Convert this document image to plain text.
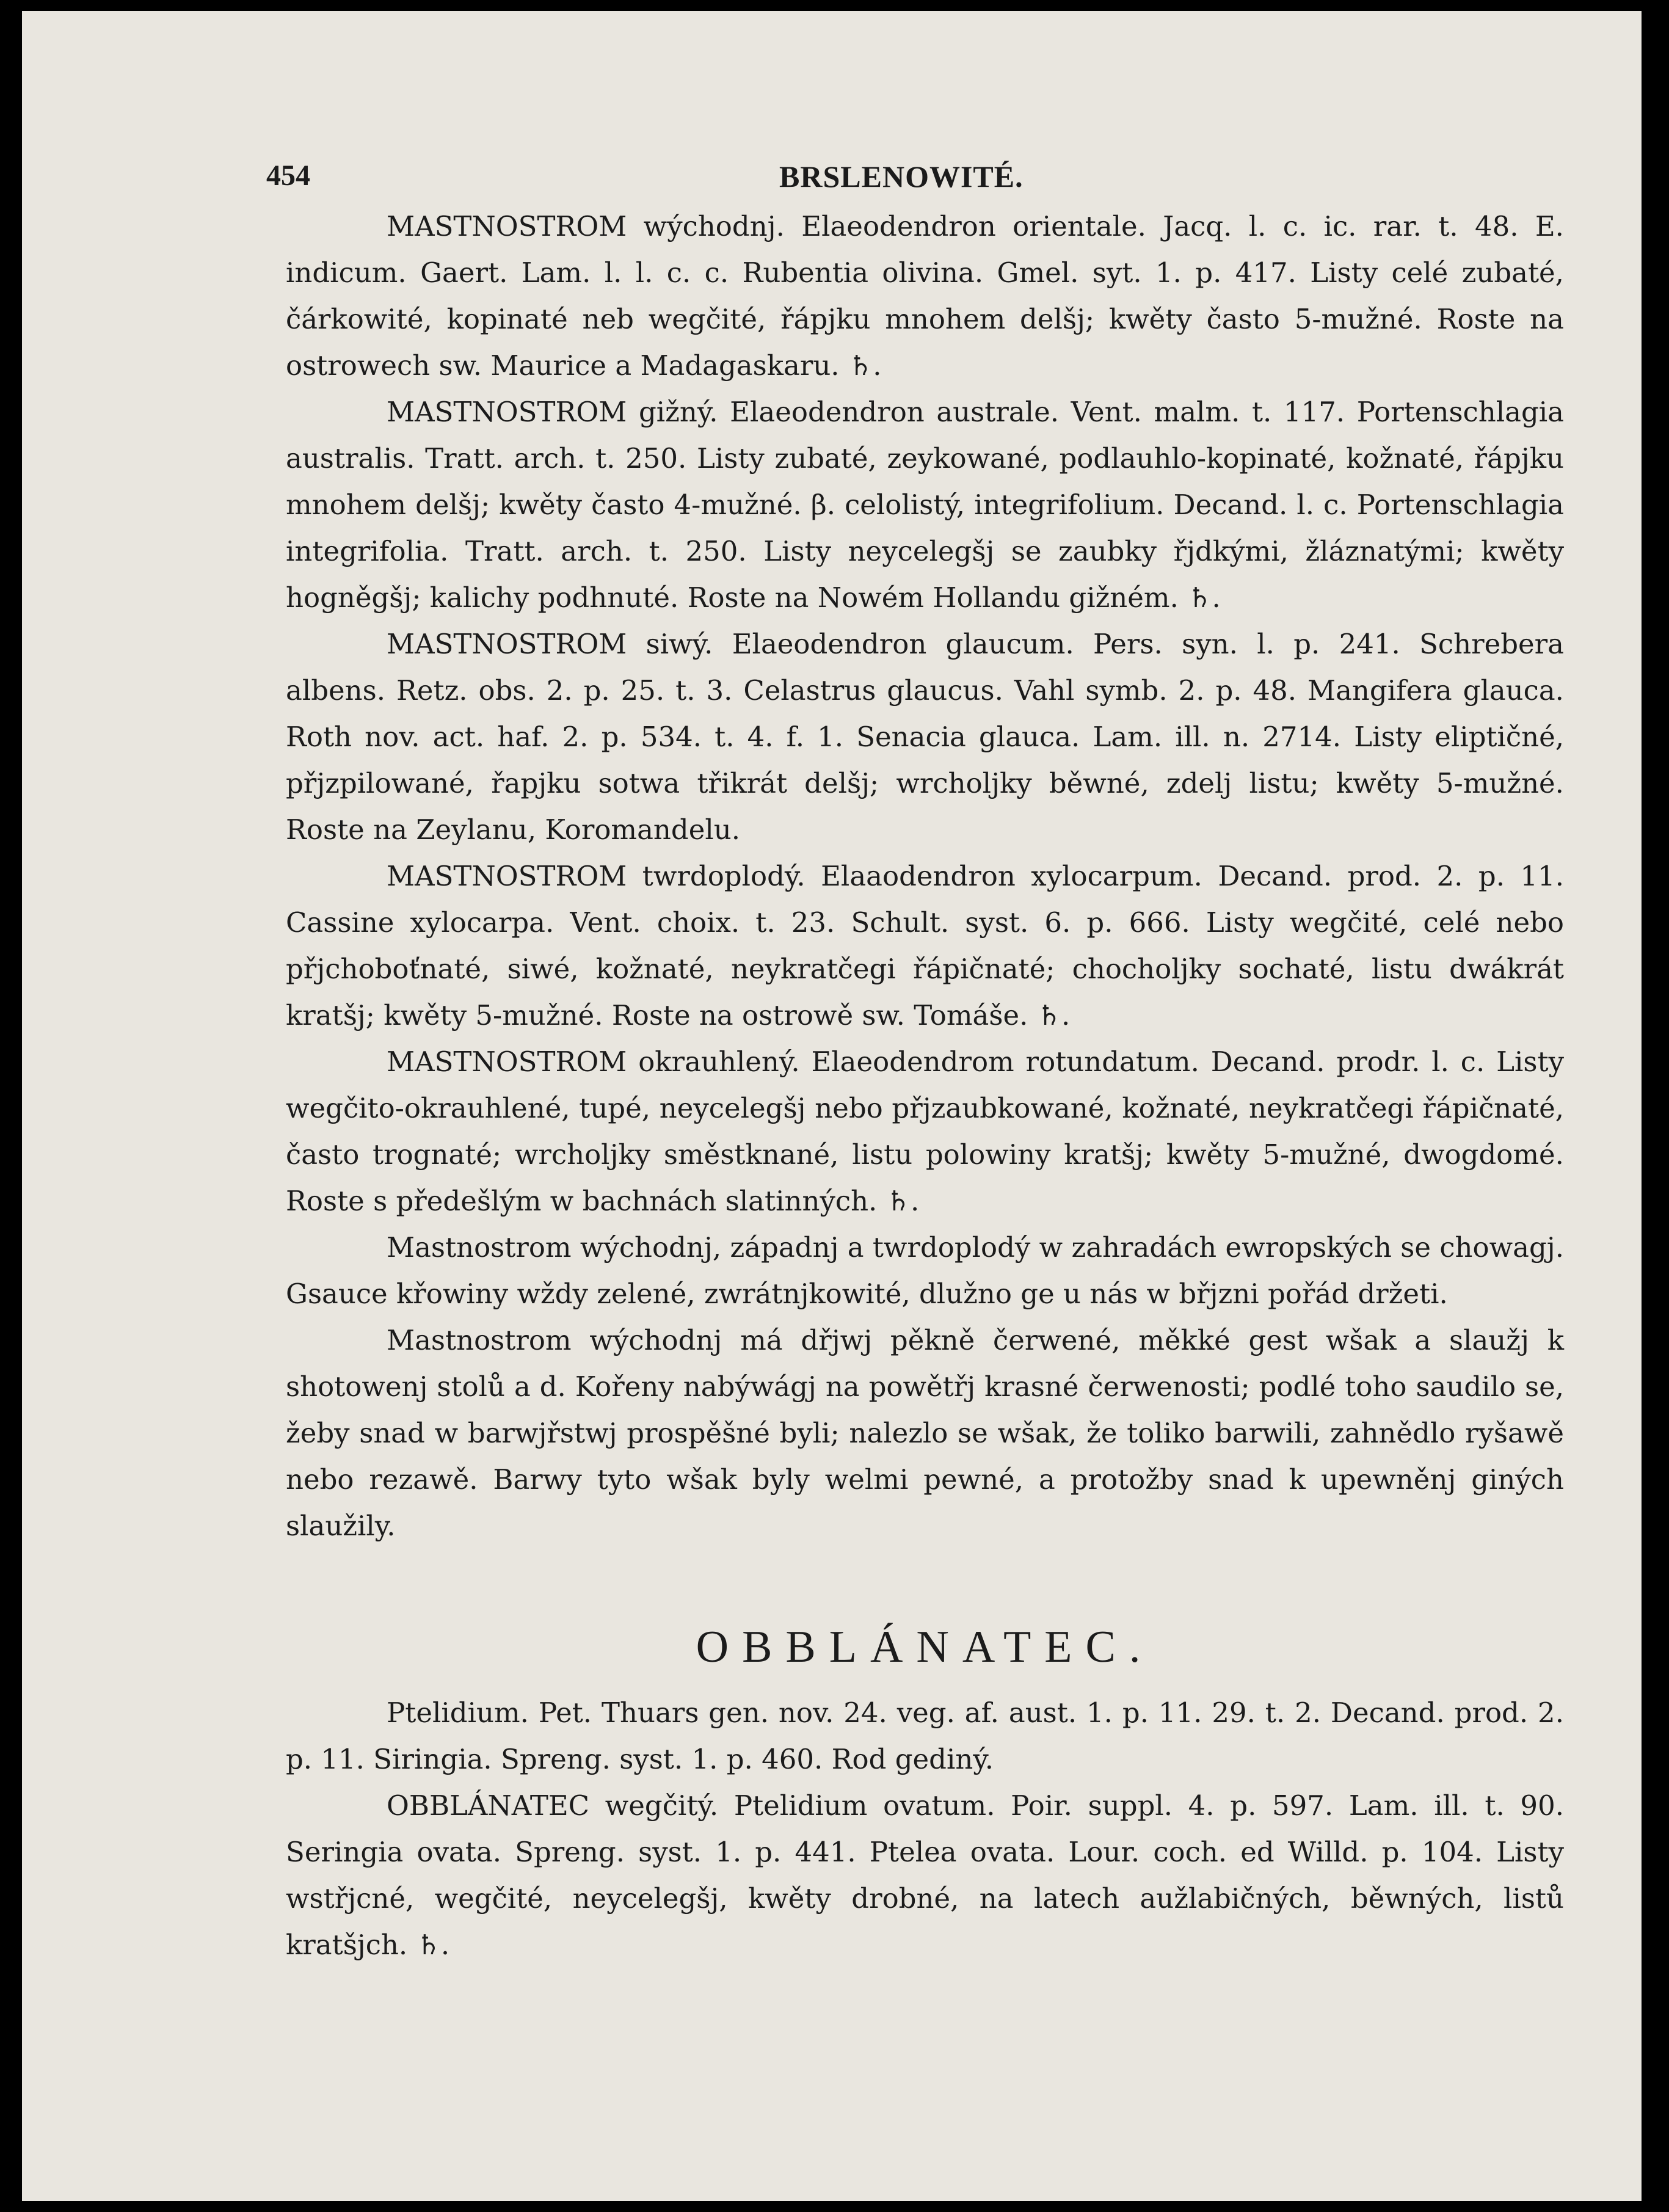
454	BRSLENOWITÉ.

MASTNOSTROM wýchodnj. Elaeodendron orientale. Jacq. l. c. ic. rar. t. 48. E. indicum. Gaert. Lam. l. l. c. c. Rubentia olivina. Gmel. syt. 1. p. 417. Listy celé zubaté, čárkowité, kopinaté neb wegčité, řápjku mnohem delšj; kwěty často 5-mužné. Roste na ostrowech sw. Maurice a Madagaskaru. ♄.

MASTNOSTROM gižný. Elaeodendron australe. Vent. malm. t. 117. Portenschlagia australis. Tratt. arch. t. 250. Listy zubaté, zeykowané, podlauhlo-kopinaté, kožnaté, řápjku mnohem delšj; kwěty často 4-mužné. β. celolistý, integrifolium. Decand. l. c. Portenschlagia integrifolia. Tratt. arch. t. 250. Listy neycelegšj se zaubky řjdkými, žláznatými; kwěty hogněgšj; kalichy podhnuté. Roste na Nowém Hollandu gižném. ♄.

MASTNOSTROM siwý. Elaeodendron glaucum. Pers. syn. l. p. 241. Schrebera albens. Retz. obs. 2. p. 25. t. 3. Celastrus glaucus. Vahl symb. 2. p. 48. Mangifera glauca. Roth nov. act. haf. 2. p. 534. t. 4. f. 1. Senacia glauca. Lam. ill. n. 2714. Listy eliptičné, přjzpilowané, řapjku sotwa třikrát delšj; wrcholjky běwné, zdelj listu; kwěty 5-mužné. Roste na Zeylanu, Koromandelu.

MASTNOSTROM twrdoplodý. Elaaodendron xylocarpum. Decand. prod. 2. p. 11. Cassine xylocarpa. Vent. choix. t. 23. Schult. syst. 6. p. 666. Listy wegčité, celé nebo přjchoboťnaté, siwé, kožnaté, neykratčegi řápičnaté; chocholjky sochaté, listu dwákrát kratšj; kwěty 5-mužné. Roste na ostrowě sw. Tomáše. ♄.

MASTNOSTROM okrauhlený. Elaeodendrom rotundatum. Decand. prodr. l. c. Listy wegčito-okrauhlené, tupé, neycelegšj nebo přjzaubkowané, kožnaté, neykratčegi řápičnaté, často trognaté; wrcholjky směstknané, listu polowiny kratšj; kwěty 5-mužné, dwogdomé. Roste s předešlým w bachnách slatinných. ♄.

Mastnostrom wýchodnj, západnj a twrdoplodý w zahradách ewropských se chowagj. Gsauce křowiny wždy zelené, zwrátnjkowité, dlužno ge u nás w břjzni pořád držeti.

Mastnostrom wýchodnj má dřjwj pěkně čerwené, měkké gest wšak a slaužj k shotowenj stolů a d. Kořeny nabýwágj na powětřj krasné čerwenosti; podlé toho saudilo se, žeby snad w barwjřstwj prospěšné byli; nalezlo se wšak, že toliko barwili, zahnědlo ryšawě nebo rezawě. Barwy tyto wšak byly welmi pewné, a protožby snad k upewněnj giných slaužily.

OBBLÁNATEC.

Ptelidium. Pet. Thuars gen. nov. 24. veg. af. aust. 1. p. 11. 29. t. 2. Decand. prod. 2. p. 11. Siringia. Spreng. syst. 1. p. 460. Rod gediný.

OBBLÁNATEC wegčitý. Ptelidium ovatum. Poir. suppl. 4. p. 597. Lam. ill. t. 90. Seringia ovata. Spreng. syst. 1. p. 441. Ptelea ovata. Lour. coch. ed Willd. p. 104. Listy wstřjcné, wegčité, neycelegšj, kwěty drobné, na latech aužlabičných, běwných, listů kratšjch. ♄.
